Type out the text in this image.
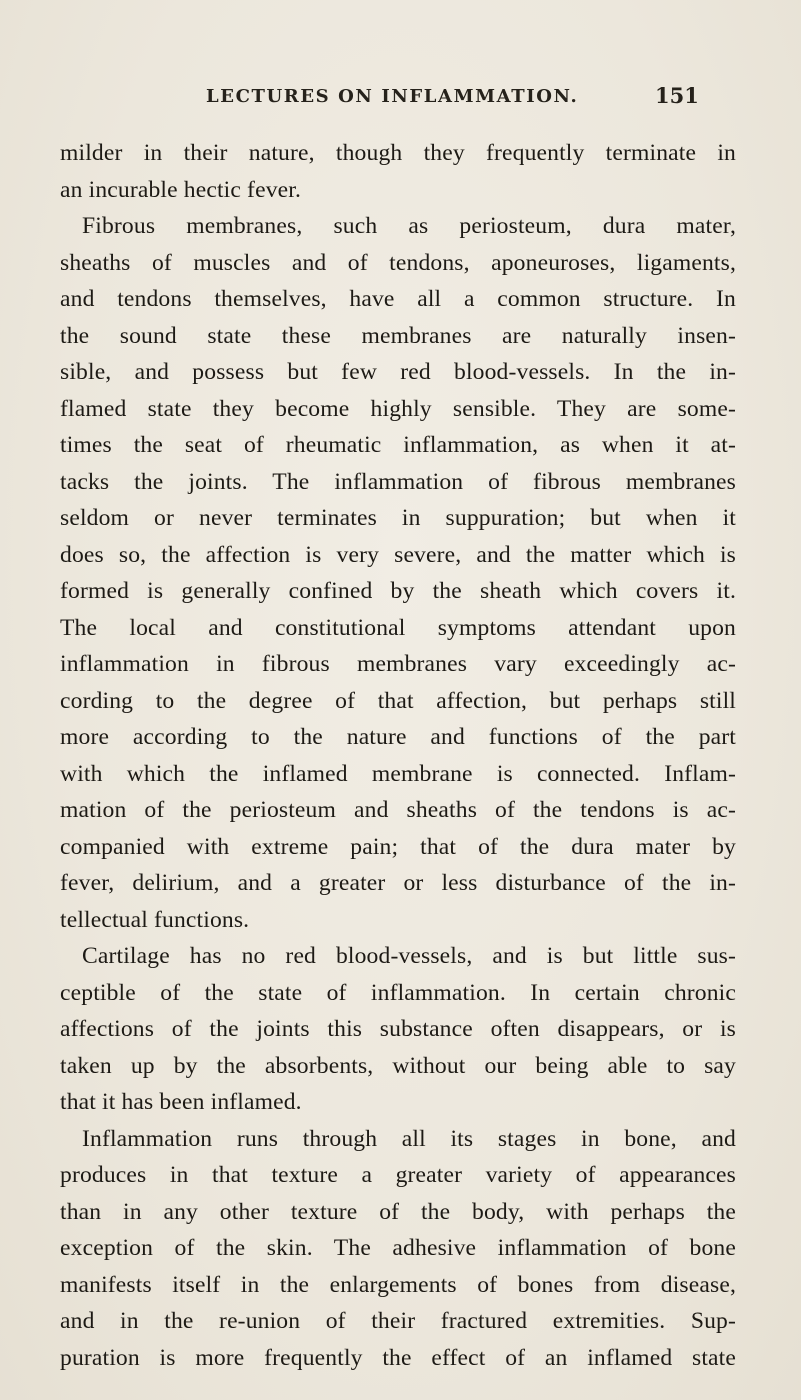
LECTURES ON INFLAMMATION.	151
milder in their nature, though they frequently terminate in
an incurable hectic fever.
Fibrous membranes, such as periosteum, dura mater,
sheaths of muscles and of tendons, aponeuroses, ligaments,
and tendons themselves, have all a common structure. In
the sound state these membranes are naturally insen-
sible, and possess but few red blood-vessels. In the in-
flamed state they become highly sensible. They are some-
times the seat of rheumatic inflammation, as when it at-
tacks the joints. The inflammation of fibrous membranes
seldom or never terminates in suppuration; but when it
does so, the affection is very severe, and the matter which is
formed is generally confined by the sheath which covers it.
The local and constitutional symptoms attendant upon
inflammation in fibrous membranes vary exceedingly ac-
cording to the degree of that affection, but perhaps still
more according to the nature and functions of the part
with which the inflamed membrane is connected. Inflam-
mation of the periosteum and sheaths of the tendons is ac-
companied with extreme pain; that of the dura mater by
fever, delirium, and a greater or less disturbance of the in-
tellectual functions.
Cartilage has no red blood-vessels, and is but little sus-
ceptible of the state of inflammation. In certain chronic
affections of the joints this substance often disappears, or is
taken up by the absorbents, without our being able to say
that it has been inflamed.
Inflammation runs through all its stages in bone, and
produces in that texture a greater variety of appearances
than in any other texture of the body, with perhaps the
exception of the skin. The adhesive inflammation of bone
manifests itself in the enlargements of bones from disease,
and in the re-union of their fractured extremities. Sup-
puration is more frequently the effect of an inflamed state
